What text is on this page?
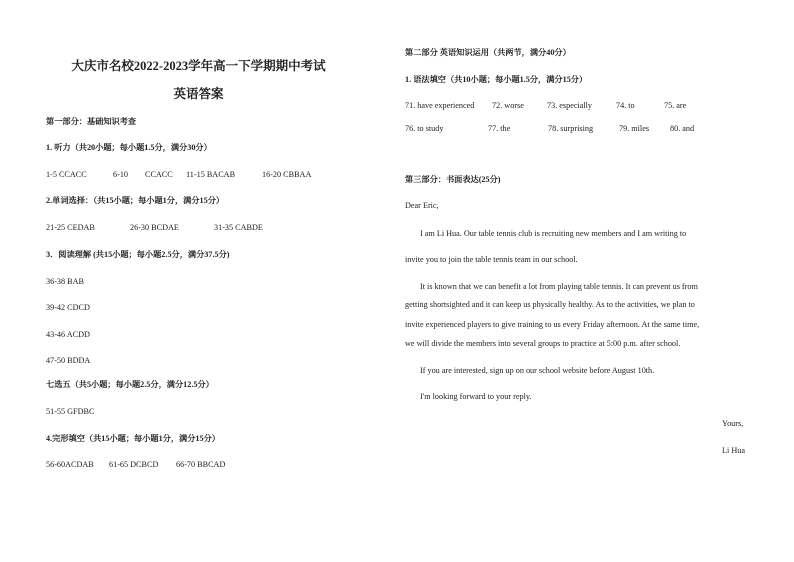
大庆市名校2022-2023学年高一下学期期中考试
英语答案
第一部分：基础知识考查
1. 听力（共20小题；每小题1.5分，满分30分）
1-5 CCACC	6-10 CCACC 11-15 BACAB	16-20 CBBAA
2.单词选择：（共15小题；每小题1分，满分15分）
21-25 CEDAB	26-30 BCDAE	31-35 CABDE
3．阅读理解 (共15小题；每小题2.5分，满分37.5分)
36-38 BAB
39-42 CDCD
43-46 ACDD
47-50 BDDA
七选五（共5小题；每小题2.5分，满分12.5分）
51-55 GFDBC
4.完形填空（共15小题；每小题1分，满分15分）
56-60ACDAB 61-65 DCBCD 66-70 BBCAD
第二部分 英语知识运用（共两节，满分40分）
1. 语法填空（共10小题；每小题1.5分，满分15分）
71. have experienced 72. worse	73. especially	74. to	75. are
76. to study	77. the	78. surprising	79. miles	80. and
第三部分：书面表达(25分)
Dear Eric,
I am Li Hua. Our table tennis club is recruiting new members and I am writing to
invite you to join the table tennis team in our school.
It is known that we can benefit a lot from playing table tennis. It can prevent us from
getting shortsighted and it can keep us physically healthy. As to the activities, we plan to
invite experienced players to give training to us every Friday afternoon. At the same time,
we will divide the members into several groups to practice at 5:00 p.m. after school.
If you are interested, sign up on our school website before August 10th.
I'm looking forward to your reply.
Yours,
Li Hua
